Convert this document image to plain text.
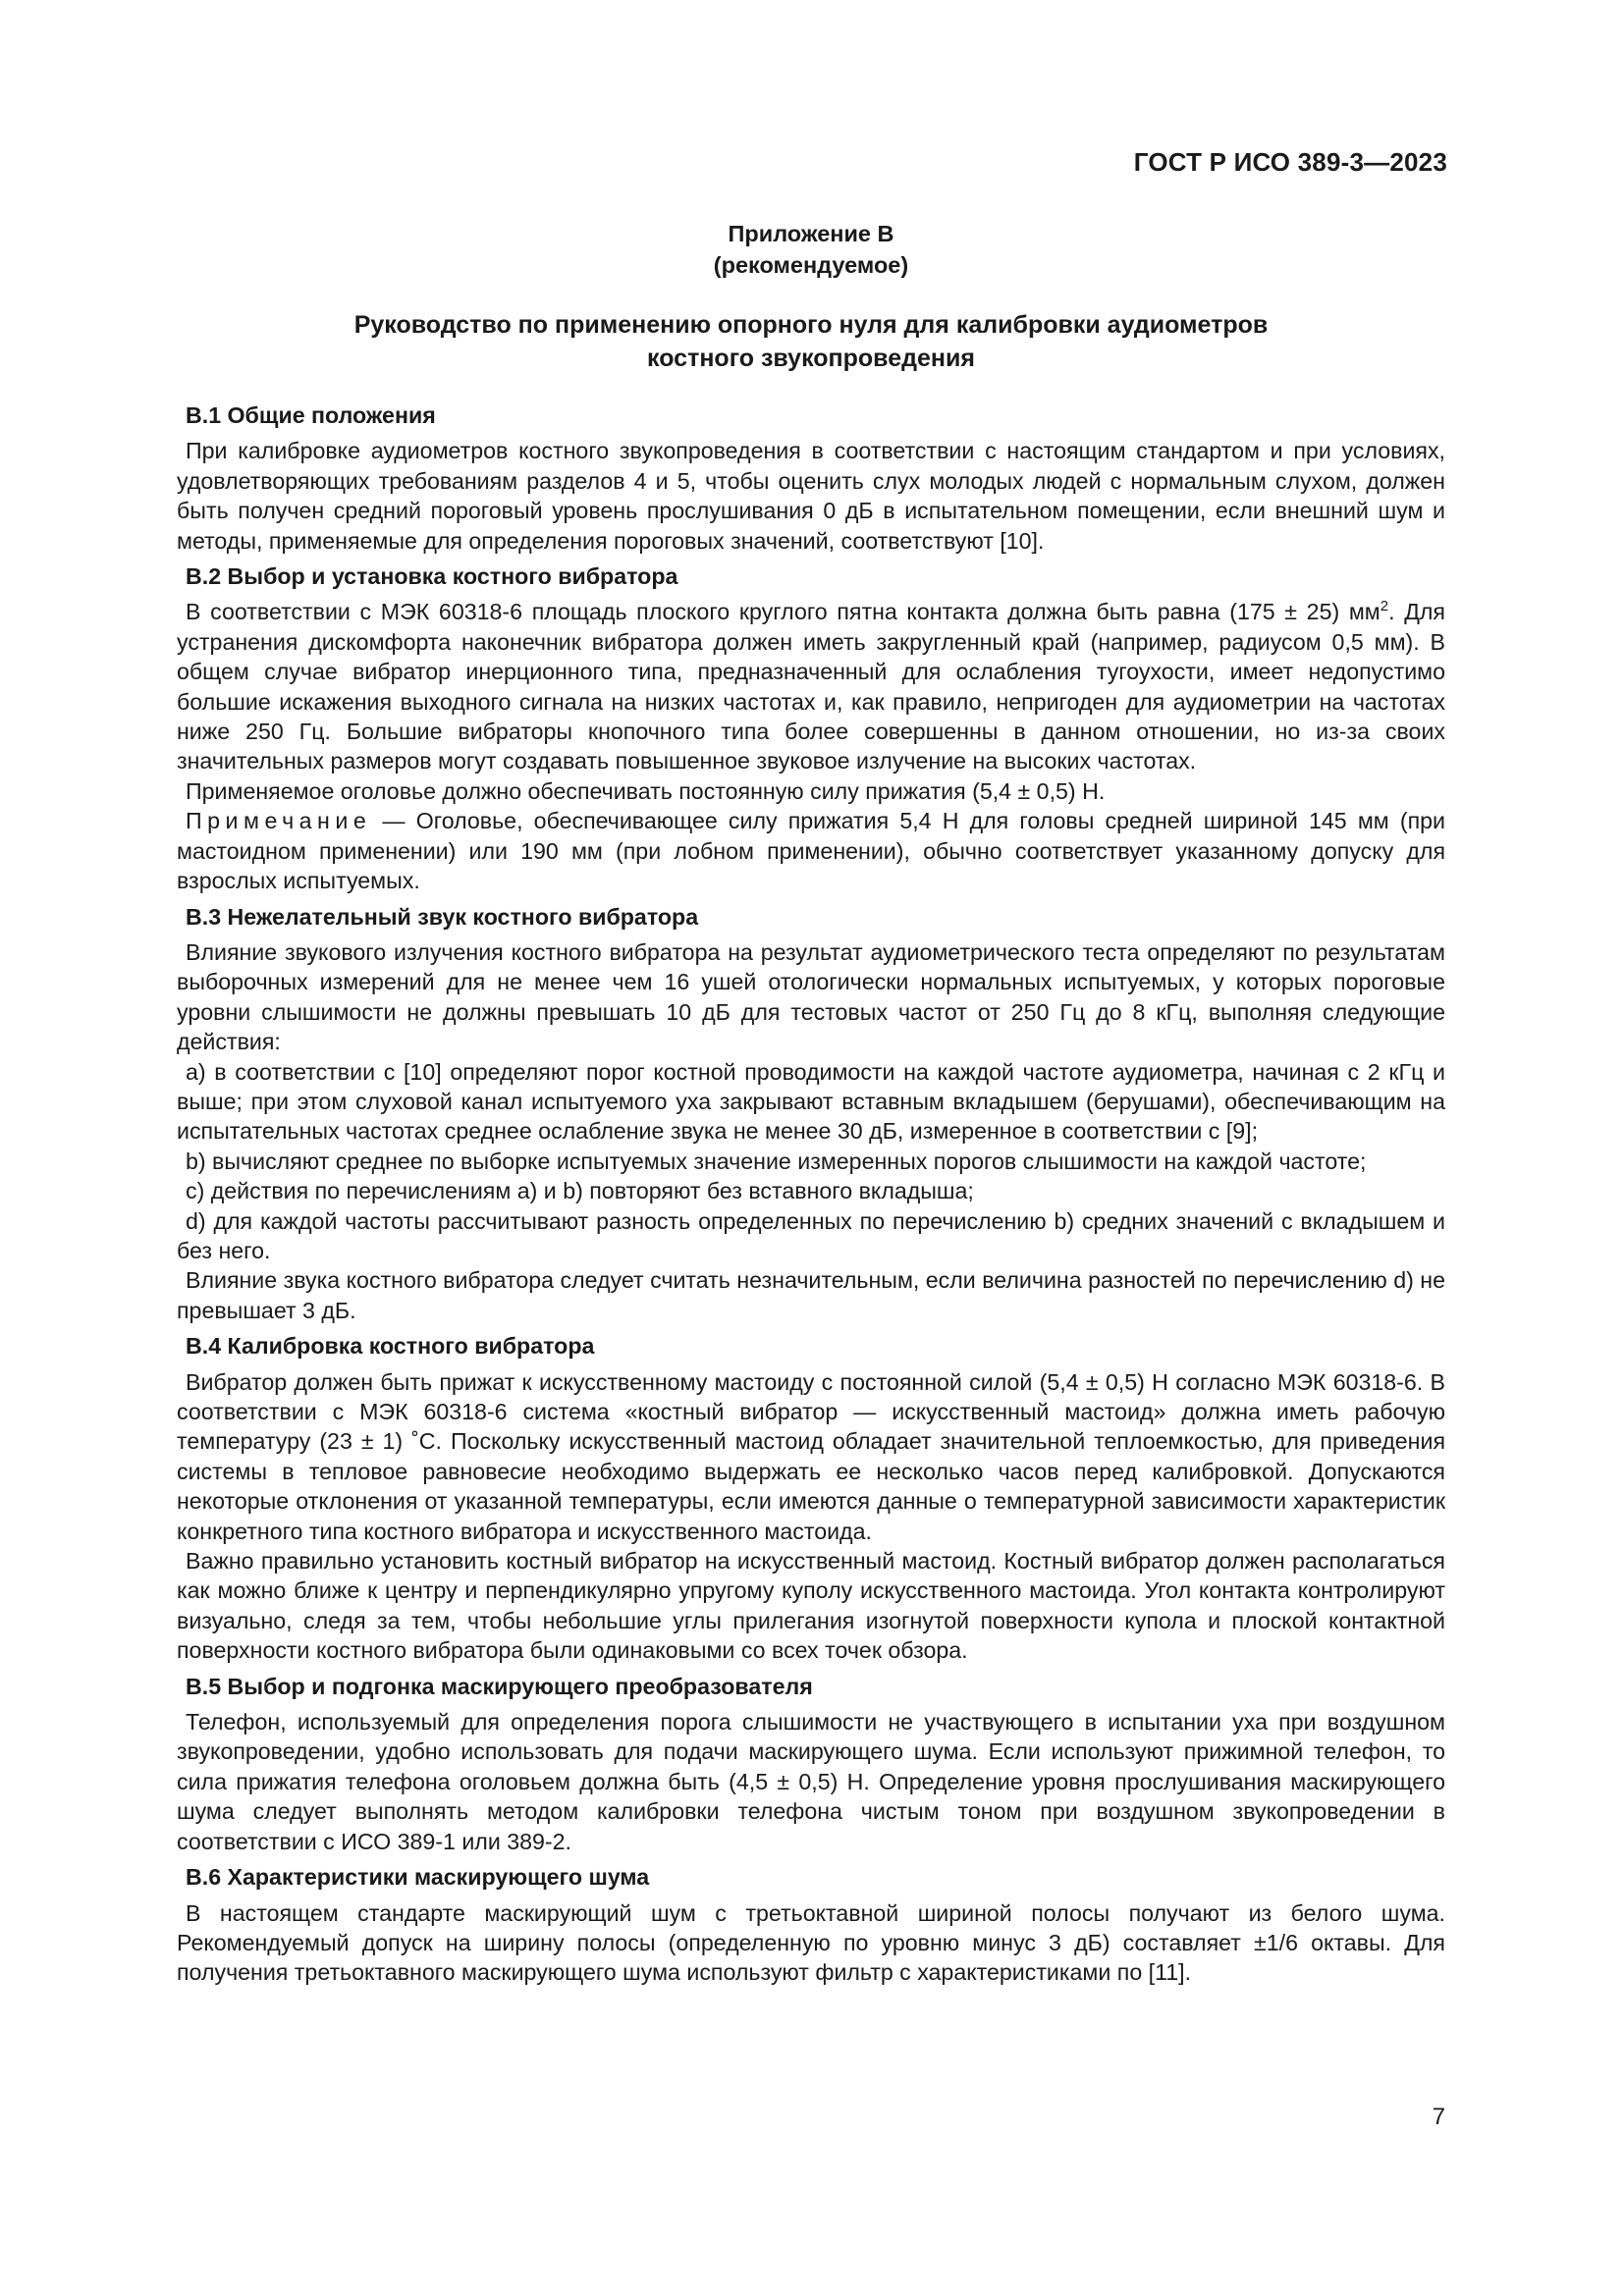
ГОСТ Р ИСО 389-3—2023
Приложение В
(рекомендуемое)
Руководство по применению опорного нуля для калибровки аудиометров
костного звукопроведения
В.1 Общие положения

При калибровке аудиометров костного звукопроведения в соответствии с настоящим стандартом и при условиях, удовлетворяющих требованиям разделов 4 и 5, чтобы оценить слух молодых людей с нормальным слухом, должен быть получен средний пороговый уровень прослушивания 0 дБ в испытательном помещении, если внешний шум и методы, применяемые для определения пороговых значений, соответствуют [10].

В.2 Выбор и установка костного вибратора

В соответствии с МЭК 60318-6 площадь плоского круглого пятна контакта должна быть равна (175 ± 25) $мм^2$. Для устранения дискомфорта наконечник вибратора должен иметь закругленный край (например, радиусом 0,5 мм). В общем случае вибратор инерционного типа, предназначенный для ослабления тугоухости, имеет недопустимо большие искажения выходного сигнала на низких частотах и, как правило, непригоден для аудиометрии на частотах ниже 250 Гц. Большие вибраторы кнопочного типа более совершенны в данном отношении, но из-за своих значительных размеров могут создавать повышенное звуковое излучение на высоких частотах.

Применяемое оголовье должно обеспечивать постоянную силу прижатия (5,4 ± 0,5) Н.

Примечание — Оголовье, обеспечивающее силу прижатия 5,4 Н для головы средней шириной 145 мм (при мастоидном применении) или 190 мм (при лобном применении), обычно соответствует указанному допуску для взрослых испытуемых.

В.3 Нежелательный звук костного вибратора

Влияние звукового излучения костного вибратора на результат аудиометрического теста определяют по результатам выборочных измерений для не менее чем 16 ушей отологически нормальных испытуемых, у которых пороговые уровни слышимости не должны превышать 10 дБ для тестовых частот от 250 Гц до 8 кГц, выполняя следующие действия:

a) в соответствии с [10] определяют порог костной проводимости на каждой частоте аудиометра, начиная с 2 кГц и выше; при этом слуховой канал испытуемого уха закрывают вставным вкладышем (берушами), обеспечивающим на испытательных частотах среднее ослабление звука не менее 30 дБ, измеренное в соответствии с [9];

b) вычисляют среднее по выборке испытуемых значение измеренных порогов слышимости на каждой частоте;

c) действия по перечислениям a) и b) повторяют без вставного вкладыша;

d) для каждой частоты рассчитывают разность определенных по перечислению b) средних значений с вкладышем и без него.

Влияние звука костного вибратора следует считать незначительным, если величина разностей по перечислению d) не превышает 3 дБ.

В.4 Калибровка костного вибратора

Вибратор должен быть прижат к искусственному мастоиду с постоянной силой (5,4 ± 0,5) Н согласно МЭК 60318-6. В соответствии с МЭК 60318-6 система «костный вибратор — искусственный мастоид» должна иметь рабочую температуру (23 ± 1) ˚С. Поскольку искусственный мастоид обладает значительной теплоемкостью, для приведения системы в тепловое равновесие необходимо выдержать ее несколько часов перед калибровкой. Допускаются некоторые отклонения от указанной температуры, если имеются данные о температурной зависимости характеристик конкретного типа костного вибратора и искусственного мастоида.

Важно правильно установить костный вибратор на искусственный мастоид. Костный вибратор должен располагаться как можно ближе к центру и перпендикулярно упругому куполу искусственного мастоида. Угол контакта контролируют визуально, следя за тем, чтобы небольшие углы прилегания изогнутой поверхности купола и плоской контактной поверхности костного вибратора были одинаковыми со всех точек обзора.

В.5 Выбор и подгонка маскирующего преобразователя

Телефон, используемый для определения порога слышимости не участвующего в испытании уха при воздушном звукопроведении, удобно использовать для подачи маскирующего шума. Если используют прижимной телефон, то сила прижатия телефона оголовьем должна быть (4,5 ± 0,5) Н. Определение уровня прослушивания маскирующего шума следует выполнять методом калибровки телефона чистым тоном при воздушном звукопроведении в соответствии с ИСО 389-1 или 389-2.

В.6 Характеристики маскирующего шума

В настоящем стандарте маскирующий шум с третьоктавной шириной полосы получают из белого шума. Рекомендуемый допуск на ширину полосы (определенную по уровню минус 3 дБ) составляет ±1/6 октавы. Для получения третьоктавного маскирующего шума используют фильтр с характеристиками по [11].

7
